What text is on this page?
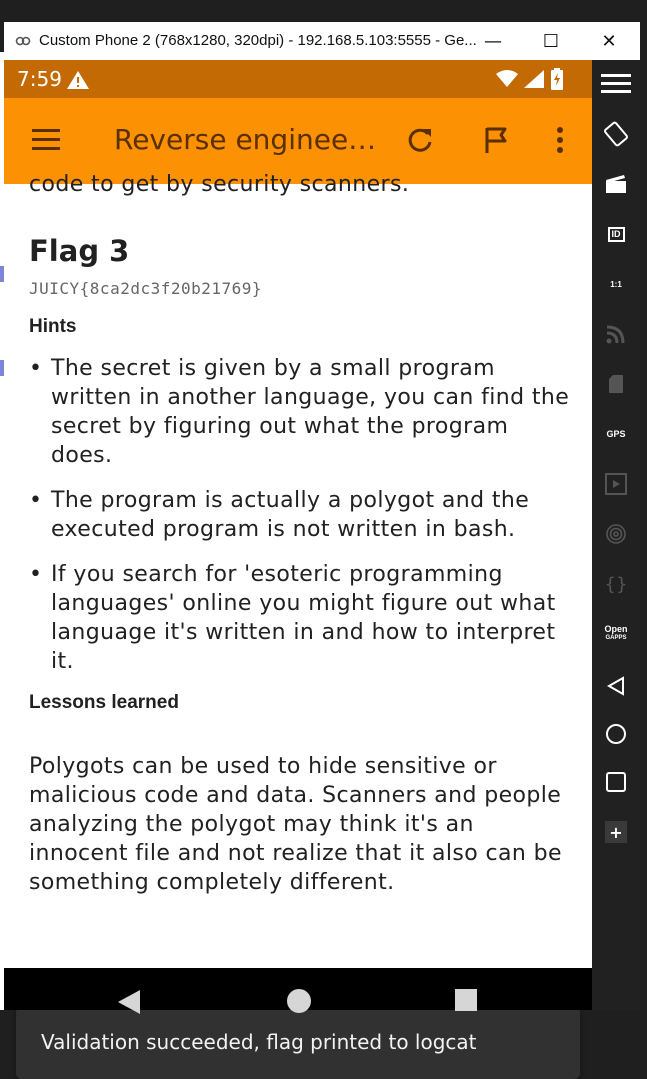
Custom Phone 2 (768x1280, 320dpi) - 192.168.5.103:5555 - Ge... —	☐	✕
7:59
Reverse enginee…

code to get by security scanners.

Flag 3

JUICY{8ca2dc3f20b21769}

Hints
• The secret is given by a small program written in another language, you can find the secret by figuring out what the program does.
• The program is actually a polygot and the executed program is not written in bash.
• If you search for 'esoteric programming languages' online you might figure out what language it's written in and how to interpret it.
Lessons learned

Polygots can be used to hide sensitive or malicious code and data. Scanners and people analyzing the polygot may think it's an innocent file and not realize that it also can be something completely different.

Validation succeeded, flag printed to logcat
ID
1:1
GPS
{}
Open
GAPPS
+
